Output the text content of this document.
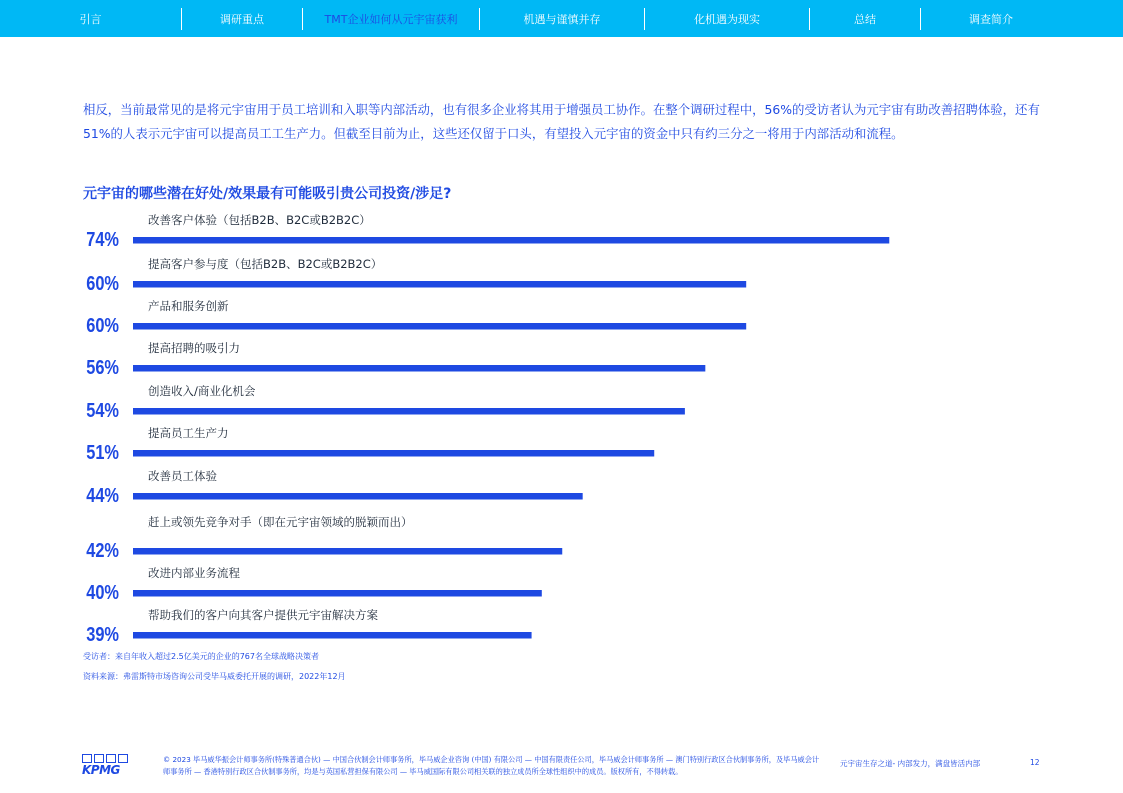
引言	调研重点	TMT企业如何从元宇宙获利	机遇与谨慎并存	化机遇为现实	总结	调查简介
相反，当前最常见的是将元宇宙用于员工培训和入职等内部活动，也有很多企业将其用于增强员工协作。在整个调研过程中，56%的受访者认为元宇宙有助改善招聘体验，还有51%的人表示元宇宙可以提高员工工生产力。但截至目前为止，这些还仅留于口头，有望投入元宇宙的资金中只有约三分之一将用于内部活动和流程。
元宇宙的哪些潜在好处/效果最有可能吸引贵公司投资/涉足?
改善客户体验（包括B2B、B2C或B2B2C）
74%
提高客户参与度（包括B2B、B2C或B2B2C）
60%
产品和服务创新
60%
提高招聘的吸引力
56%
创造收入/商业化机会
54%
提高员工生产力
51%
改善员工体验
44%
赶上或领先竞争对手（即在元宇宙领域的脱颖而出）
42%
改进内部业务流程
40%
帮助我们的客户向其客户提供元宇宙解决方案
39%
受访者：来自年收入超过2.5亿美元的企业的767名全球战略决策者
资料来源：弗雷斯特市场咨询公司受毕马威委托开展的调研，2022年12月
KPMG
© 2023 毕马威华振会计师事务所(特殊普通合伙) — 中国合伙制会计师事务所，毕马威企业咨询 (中国) 有限公司 — 中国有限责任公司，毕马威会计师事务所 — 澳门特别行政区合伙制事务所，及毕马威会计师事务所 — 香港特别行政区合伙制事务所，均是与英国私营担保有限公司 — 毕马威国际有限公司相关联的独立成员所全球性组织中的成员。版权所有，不得转载。
元宇宙生存之道- 内部发力，满盘皆活内部	12
